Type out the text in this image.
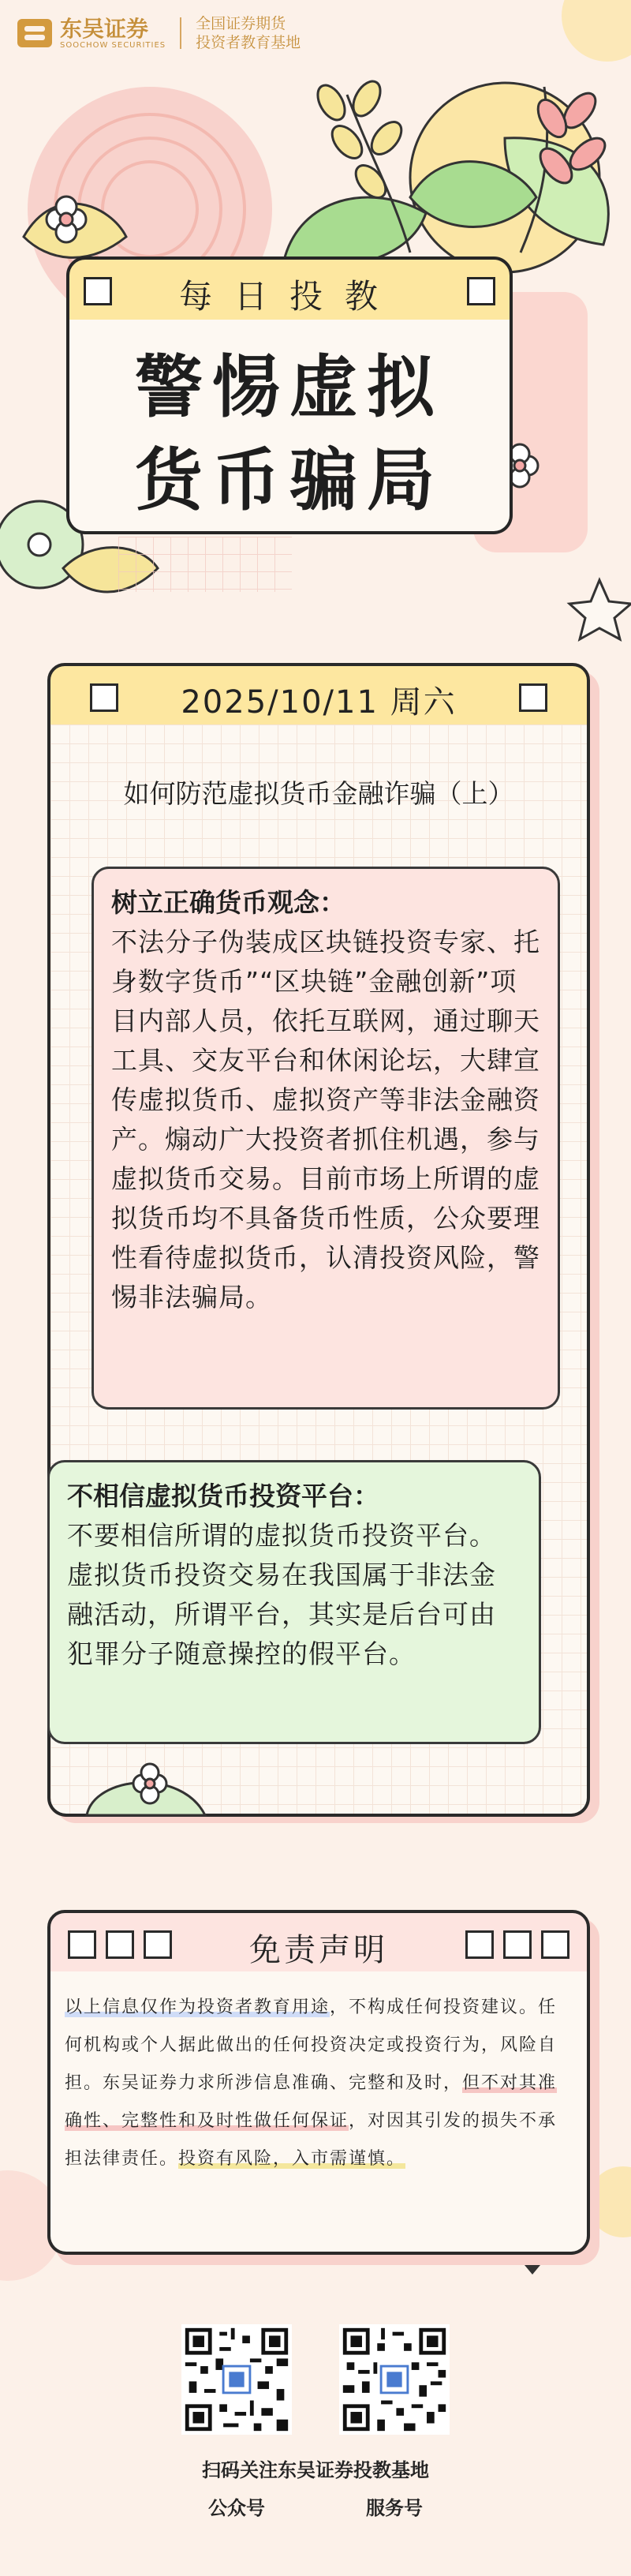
东吴证券
SOOCHOW SECURITIES
全国证券期货
投资者教育基地
每日投教
警惕虚拟
货币骗局
2025/10/11 周六
如何防范虚拟货币金融诈骗（上）
树立正确货币观念：
不法分子伪装成区块链投资专家、托身数字货币”“区块链”金融创新”项目内部人员，依托互联网，通过聊天工具、交友平台和休闲论坛，大肆宣传虚拟货币、虚拟资产等非法金融资产。煽动广大投资者抓住机遇，参与虚拟货币交易。目前市场上所谓的虚拟货币均不具备货币性质，公众要理性看待虚拟货币，认清投资风险，警惕非法骗局。
不相信虚拟货币投资平台：
不要相信所谓的虚拟货币投资平台。虚拟货币投资交易在我国属于非法金融活动，所谓平台，其实是后台可由犯罪分子随意操控的假平台。
免责声明
以上信息仅作为投资者教育用途，不构成任何投资建议。任何机构或个人据此做出的任何投资决定或投资行为，风险自担。东吴证券力求所涉信息准确、完整和及时，但不对其准确性、完整性和及时性做任何保证，对因其引发的损失不承担法律责任。投资有风险，入市需谨慎。
扫码关注东吴证券投教基地
公众号	服务号
